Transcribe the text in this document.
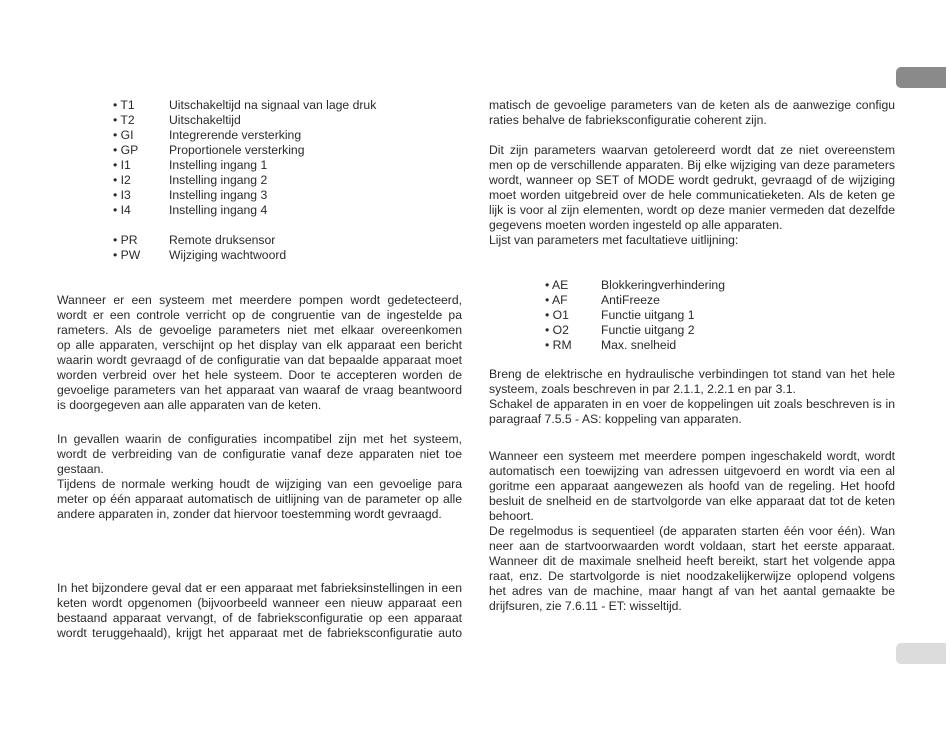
• T1	Uitschakeltijd na signaal van lage druk
• T2	Uitschakeltijd
• GI	Integrerende versterking
• GP	Proportionele versterking
• I1	Instelling ingang 1
• I2	Instelling ingang 2
• I3	Instelling ingang 3
• I4	Instelling ingang 4
• PR	Remote druksensor
• PW	Wijziging wachtwoord
Wanneer er een systeem met meerdere pompen wordt gedetecteerd,
wordt er een controle verricht op de congruentie van de ingestelde pa
rameters. Als de gevoelige parameters niet met elkaar overeenkomen
op alle apparaten, verschijnt op het display van elk apparaat een bericht
waarin wordt gevraagd of de configuratie van dat bepaalde apparaat moet
worden verbreid over het hele systeem. Door te accepteren worden de
gevoelige parameters van het apparaat van waaraf de vraag beantwoord
is doorgegeven aan alle apparaten van de keten.
In gevallen waarin de configuraties incompatibel zijn met het systeem,
wordt de verbreiding van de configuratie vanaf deze apparaten niet toe
gestaan.
Tijdens de normale werking houdt de wijziging van een gevoelige para
meter op één apparaat automatisch de uitlijning van de parameter op alle
andere apparaten in, zonder dat hiervoor toestemming wordt gevraagd.
In het bijzondere geval dat er een apparaat met fabrieksinstellingen in een
keten wordt opgenomen (bijvoorbeeld wanneer een nieuw apparaat een
bestaand apparaat vervangt, of de fabrieksconfiguratie op een apparaat
wordt teruggehaald), krijgt het apparaat met de fabrieksconfiguratie auto
matisch de gevoelige parameters van de keten als de aanwezige configu
raties behalve de fabrieksconfiguratie coherent zijn.
Dit zijn parameters waarvan getolereerd wordt dat ze niet overeenstem
men op de verschillende apparaten. Bij elke wijziging van deze parameters
wordt, wanneer op SET of MODE wordt gedrukt, gevraagd of de wijziging
moet worden uitgebreid over de hele communicatieketen. Als de keten ge
lijk is voor al zijn elementen, wordt op deze manier vermeden dat dezelfde
gegevens moeten worden ingesteld op alle apparaten.
Lijst van parameters met facultatieve uitlijning:
• AE	Blokkeringverhindering
• AF	AntiFreeze
• O1	Functie uitgang 1
• O2	Functie uitgang 2
• RM	Max. snelheid
Breng de elektrische en hydraulische verbindingen tot stand van het hele
systeem, zoals beschreven in par 2.1.1, 2.2.1 en par 3.1.
Schakel de apparaten in en voer de koppelingen uit zoals beschreven is in
paragraaf 7.5.5 - AS: koppeling van apparaten.
Wanneer een systeem met meerdere pompen ingeschakeld wordt, wordt
automatisch een toewijzing van adressen uitgevoerd en wordt via een al
goritme een apparaat aangewezen als hoofd van de regeling. Het hoofd
besluit de snelheid en de startvolgorde van elke apparaat dat tot de keten
behoort.
De regelmodus is sequentieel (de apparaten starten één voor één). Wan
neer aan de startvoorwaarden wordt voldaan, start het eerste apparaat.
Wanneer dit de maximale snelheid heeft bereikt, start het volgende appa
raat, enz. De startvolgorde is niet noodzakelijkerwijze oplopend volgens
het adres van de machine, maar hangt af van het aantal gemaakte be
drijfsuren, zie 7.6.11 - ET: wisseltijd.
